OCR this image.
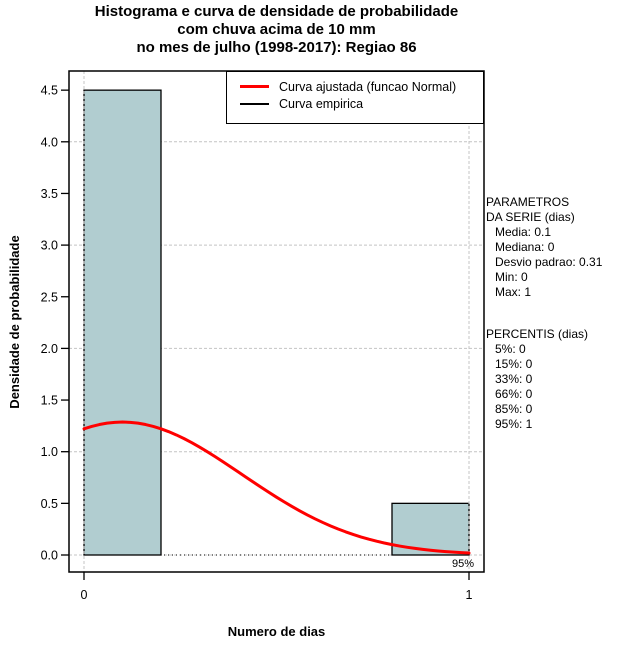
Histograma e curva de densidade de probabilidade
com chuva acima de 10 mm
no mes de julho (1998-2017): Regiao 86
Densidade de probabilidade
0.0
0.5
1.0
1.5
2.0
2.5
3.0
3.5
4.0
4.5
0	1
95%
Curva ajustada (funcao Normal)
Curva empirica
Numero de dias
PARAMETROS
DA SERIE (dias)
Media: 0.1
Mediana: 0
Desvio padrao: 0.31
Min: 0
Max: 1
PERCENTIS (dias)
5%: 0
15%: 0
33%: 0
66%: 0
85%: 0
95%: 1
